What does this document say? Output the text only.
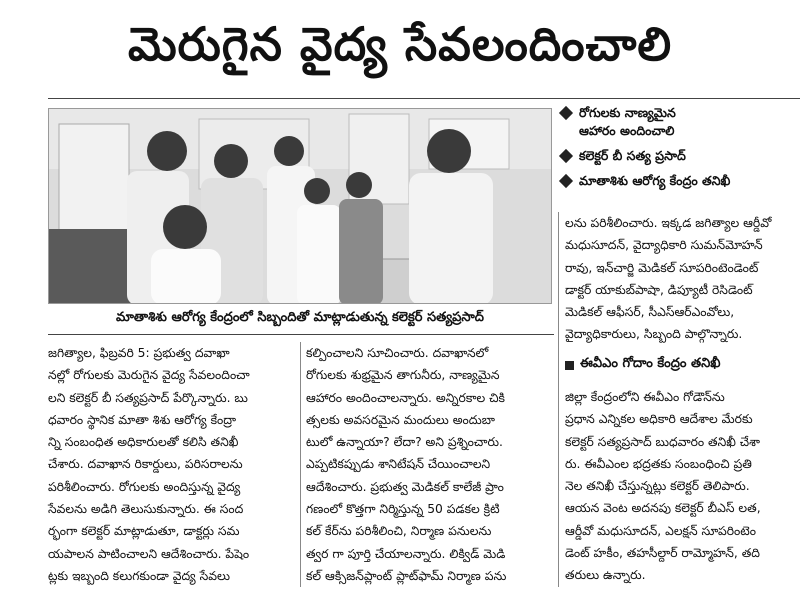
మెరుగైన వైద్య సేవలందించాలి
మాతాశిశు ఆరోగ్య కేంద్రంలో సిబ్బందితో మాట్లాడుతున్న కలెక్టర్ సత్యప్రసాద్
రోగులకు నాణ్యమైన
ఆహారం అందించాలి
కలెక్టర్ బీ సత్య ప్రసాద్
మాతాశిశు ఆరోగ్య కేంద్రం తనిఖీ

జగిత్యాల, ఫిబ్రవరి 5: ప్రభుత్వ దవాఖా

నల్లో రోగులకు మెరుగైన వైద్య సేవలందించా

లని కలెక్టర్ బీ సత్యప్రసాద్ పేర్కొన్నారు. బు

ధవారం స్థానిక మాతా శిశు ఆరోగ్య కేంద్రా

న్ని సంబంధిత అధికారులతో కలిసి తనిఖీ

చేశారు. దవాఖాన రికార్డులు, పరిసరాలను

పరిశీలించారు. రోగులకు అందిస్తున్న వైద్య

సేవలను అడిగి తెలుసుకున్నారు. ఈ సంద

ర్భంగా కలెక్టర్ మాట్లాడుతూ, డాక్టర్లు సమ

యపాలన పాటించాలని ఆదేశించారు. పేషెం

ట్లకు ఇబ్బంది కలుగకుండా వైద్య సేవలు

కల్పించాలని సూచించారు. దవాఖానలో

రోగులకు శుభ్రమైన తాగునీరు, నాణ్యమైన

ఆహారం అందించాలన్నారు. అన్నిరకాల చికి

త్సలకు అవసరమైన మందులు అందుబా

టులో ఉన్నాయా? లేదా? అని ప్రశ్నించారు.

ఎప్పటికప్పుడు శానిటేషన్ చేయించాలని

ఆదేశించారు. ప్రభుత్వ మెడికల్ కాలేజీ ప్రాం

గణంలో కొత్తగా నిర్మిస్తున్న 50 పడకల క్రిటి

కల్ కేర్‌ను పరిశీలించి, నిర్మాణ పనులను

త్వర గా పూర్తి చేయాలన్నారు. లిక్విడ్ మెడి

కల్ ఆక్సిజన్‌ప్లాంట్ ప్లాట్‌ఫామ్ నిర్మాణ పను

లను పరిశీలించారు. ఇక్కడ జగిత్యాల ఆర్డీవో

మధుసూదన్, వైద్యాధికారి సుమన్‌మోహన్

రావు, ఇన్‌చార్జి మెడికల్ సూపరింటెండెంట్

డాక్టర్ యాకుబ్‌పాషా, డిప్యూటీ రెసిడెంట్

మెడికల్ ఆఫీసర్, సీఎస్‌ఆర్‌ఎంవోలు,

వైద్యాధికారులు, సిబ్బంది పాల్గొన్నారు.

ఈవీఎం గోదాం కేంద్రం తనిఖీ

జిల్లా కేంద్రంలోని ఈవీఎం గోడౌన్‌ను

ప్రధాన ఎన్నికల అధికారి ఆదేశాల మేరకు

కలెక్టర్ సత్యప్రసాద్ బుధవారం తనిఖీ చేశా

రు. ఈవీఎంల భద్రతకు సంబంధించి ప్రతి

నెల తనిఖీ చేస్తున్నట్లు కలెక్టర్ తెలిపారు.

ఆయన వెంట అదనపు కలెక్టర్ బీఎస్ లత,

ఆర్డీవో మధుసూదన్, ఎలక్షన్ సూపరింటెం

డెంట్ హకీం, తహసీల్దార్ రామ్మోహన్, తది

తరులు ఉన్నారు.
